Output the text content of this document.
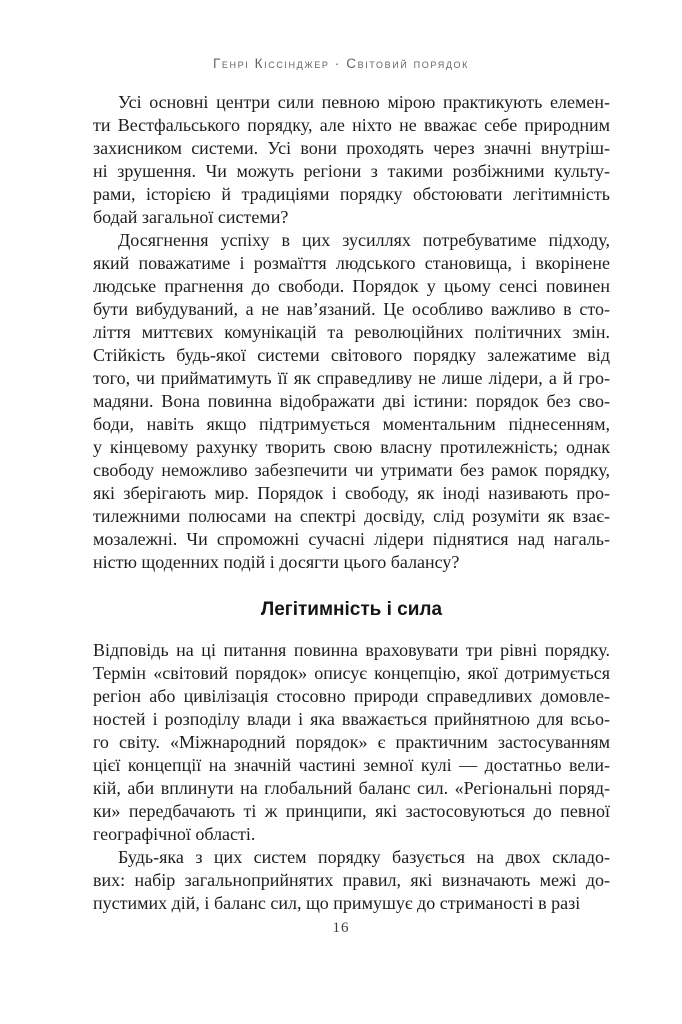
Генрі Кіссінджер · Світовий порядок
Усі основні центри сили певною мірою практикують елемен-
ти Вестфальського порядку, але ніхто не вважає себе природним
захисником системи. Усі вони проходять через значні внутріш-
ні зрушення. Чи можуть регіони з такими розбіжними культу-
рами, історією й традиціями порядку обстоювати легітимність
бодай загальної системи?
Досягнення успіху в цих зусиллях потребуватиме підходу,
який поважатиме і розмаїття людського становища, і вкорінене
людське прагнення до свободи. Порядок у цьому сенсі повинен
бути вибудуваний, а не нав’язаний. Це особливо важливо в сто-
ліття миттєвих комунікацій та революційних політичних змін.
Стійкість будь-якої системи світового порядку залежатиме від
того, чи прийматимуть її як справедливу не лише лідери, а й гро-
мадяни. Вона повинна відображати дві істини: порядок без сво-
боди, навіть якщо підтримується моментальним піднесенням,
у кінцевому рахунку творить свою власну протилежність; однак
свободу неможливо забезпечити чи утримати без рамок порядку,
які зберігають мир. Порядок і свободу, як іноді називають про-
тилежними полюсами на спектрі досвіду, слід розуміти як взає-
мозалежні. Чи спроможні сучасні лідери піднятися над нагаль-
ністю щоденних подій і досягти цього балансу?
Легітимність і сила
Відповідь на ці питання повинна враховувати три рівні порядку.
Термін «світовий порядок» описує концепцію, якої дотримується
регіон або цивілізація стосовно природи справедливих домовле-
ностей і розподілу влади і яка вважається прийнятною для всьо-
го світу. «Міжнародний порядок» є практичним застосуванням
цієї концепції на значній частині земної кулі — достатньо вели-
кій, аби вплинути на глобальний баланс сил. «Регіональні поряд-
ки» передбачають ті ж принципи, які застосовуються до певної
географічної області.
Будь-яка з цих систем порядку базується на двох складо-
вих: набір загальноприйнятих правил, які визначають межі до-
пустимих дій, і баланс сил, що примушує до стриманості в разі
16
